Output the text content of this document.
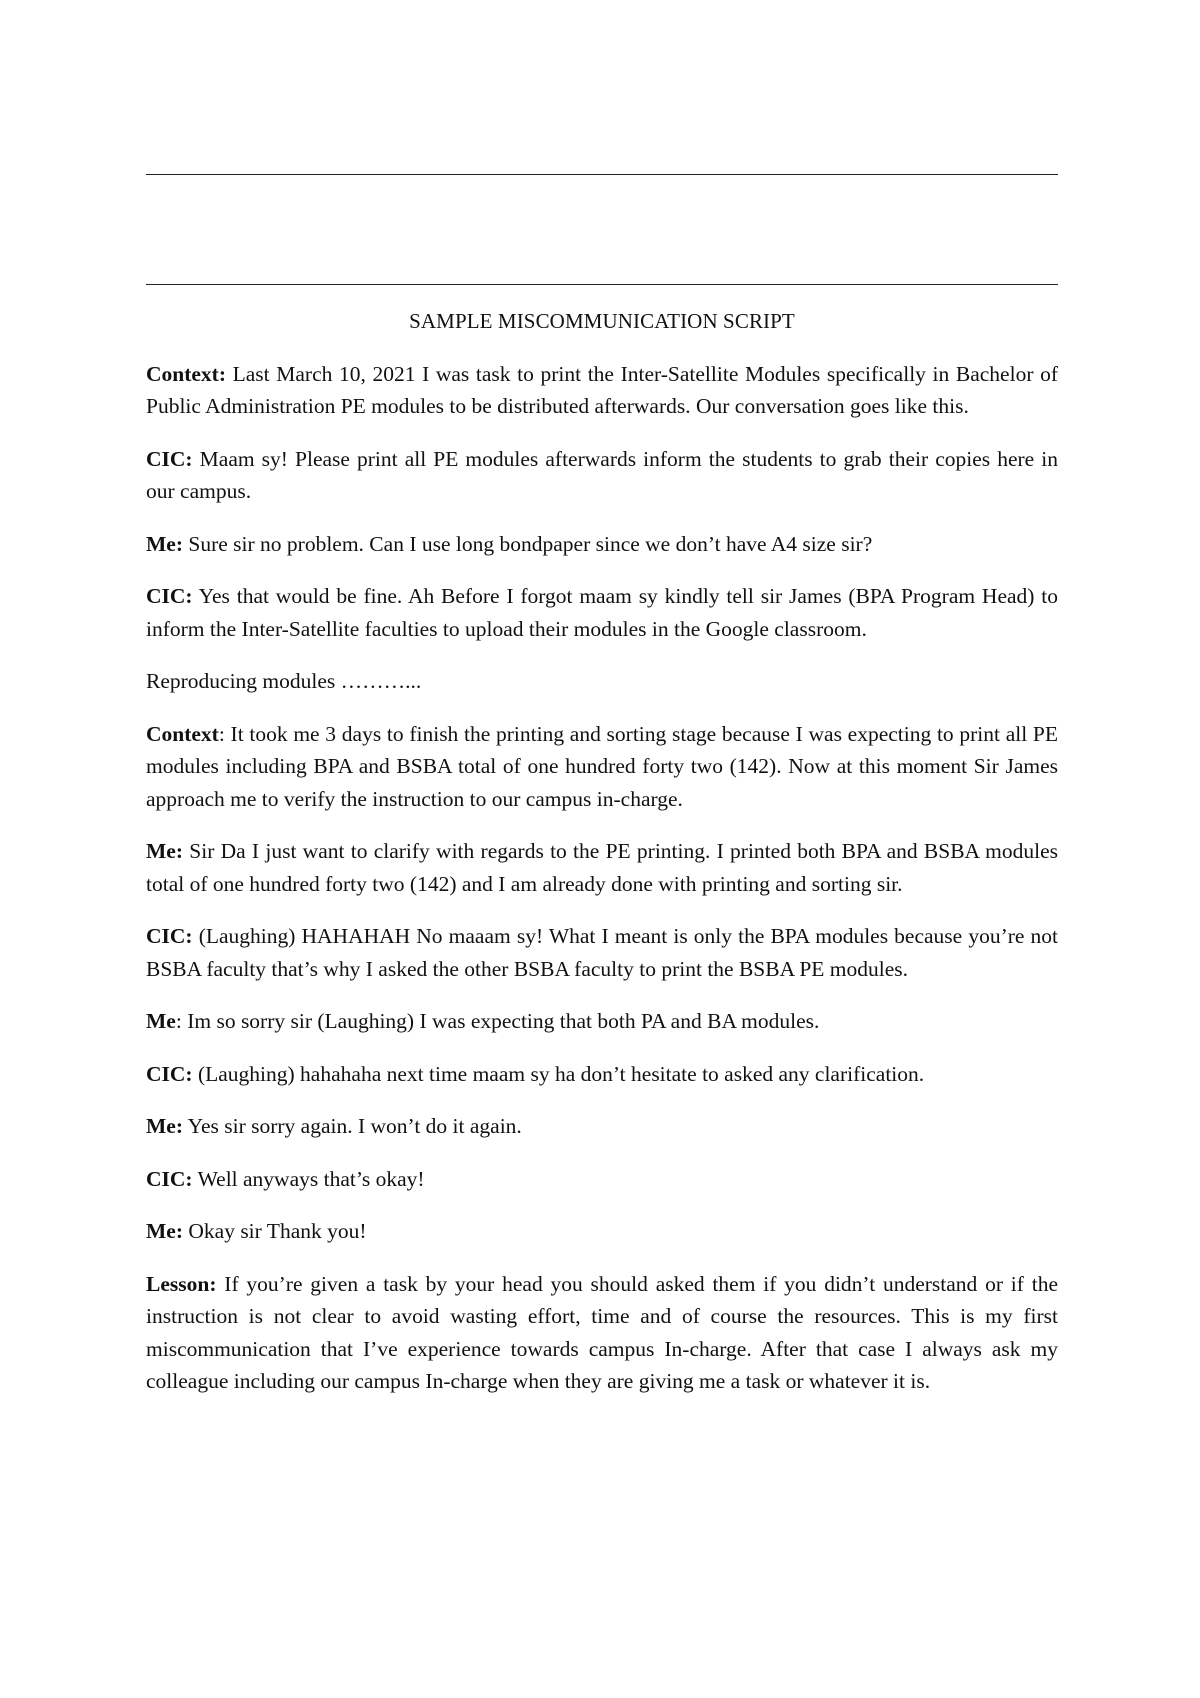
SAMPLE MISCOMMUNICATION SCRIPT

Context: Last March 10, 2021 I was task to print the Inter-Satellite Modules specifically in Bachelor of Public Administration PE modules to be distributed afterwards. Our conversation goes like this.

CIC: Maam sy! Please print all PE modules afterwards inform the students to grab their copies here in our campus.

Me: Sure sir no problem. Can I use long bondpaper since we don’t have A4 size sir?

CIC: Yes that would be fine. Ah Before I forgot maam sy kindly tell sir James (BPA Program Head) to inform the Inter-Satellite faculties to upload their modules in the Google classroom.

Reproducing modules ………...

Context: It took me 3 days to finish the printing and sorting stage because I was expecting to print all PE modules including BPA and BSBA total of one hundred forty two (142). Now at this moment Sir James approach me to verify the instruction to our campus in-charge.

Me: Sir Da I just want to clarify with regards to the PE printing. I printed both BPA and BSBA modules total of one hundred forty two (142) and I am already done with printing and sorting sir.

CIC: (Laughing) HAHAHAH No maaam sy! What I meant is only the BPA modules because you’re not BSBA faculty that’s why I asked the other BSBA faculty to print the BSBA PE modules.

Me: Im so sorry sir (Laughing) I was expecting that both PA and BA modules.

CIC: (Laughing) hahahaha next time maam sy ha don’t hesitate to asked any clarification.

Me: Yes sir sorry again. I won’t do it again.

CIC: Well anyways that’s okay!

Me: Okay sir Thank you!

Lesson: If you’re given a task by your head you should asked them if you didn’t understand or if the instruction is not clear to avoid wasting effort, time and of course the resources. This is my first miscommunication that I’ve experience towards campus In-charge. After that case I always ask my colleague including our campus In-charge when they are giving me a task or whatever it is.
